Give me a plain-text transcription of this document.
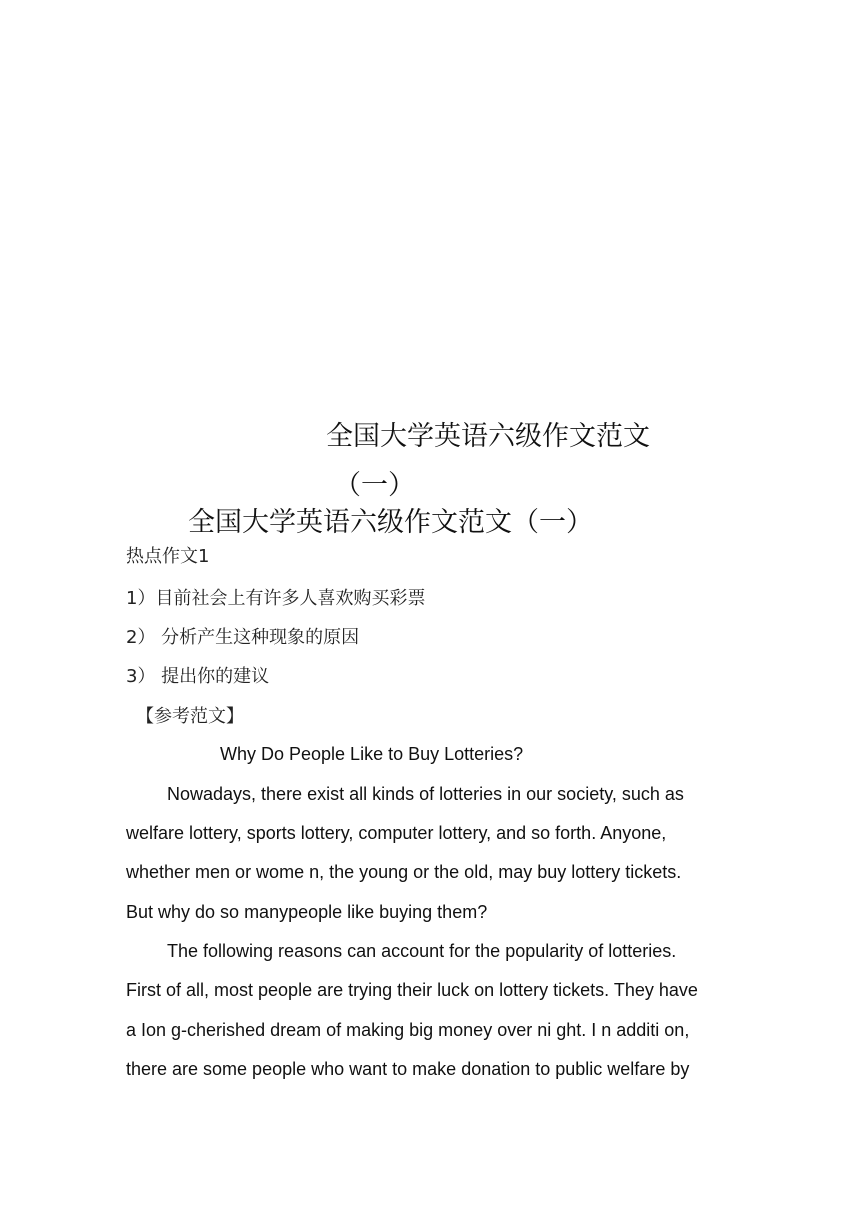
全国大学英语六级作文范文
（一）
全国大学英语六级作文范文（一）
热点作文1
1）目前社会上有许多人喜欢购买彩票
2） 分析产生这种现象的原因
3） 提出你的建议
【参考范文】
Why Do People Like to Buy Lotteries?
Nowadays, there exist all kinds of lotteries in our society, such as
welfare lottery, sports lottery, computer lottery, and so forth. Anyone,
whether men or wome n, the young or the old, may buy lottery tickets.
But why do so manypeople like buying them?
The following reasons can account for the popularity of lotteries.
First of all, most people are trying their luck on lottery tickets. They have
a Ion g-cherished dream of making big money over ni ght. I n additi on,
there are some people who want to make donation to public welfare by
